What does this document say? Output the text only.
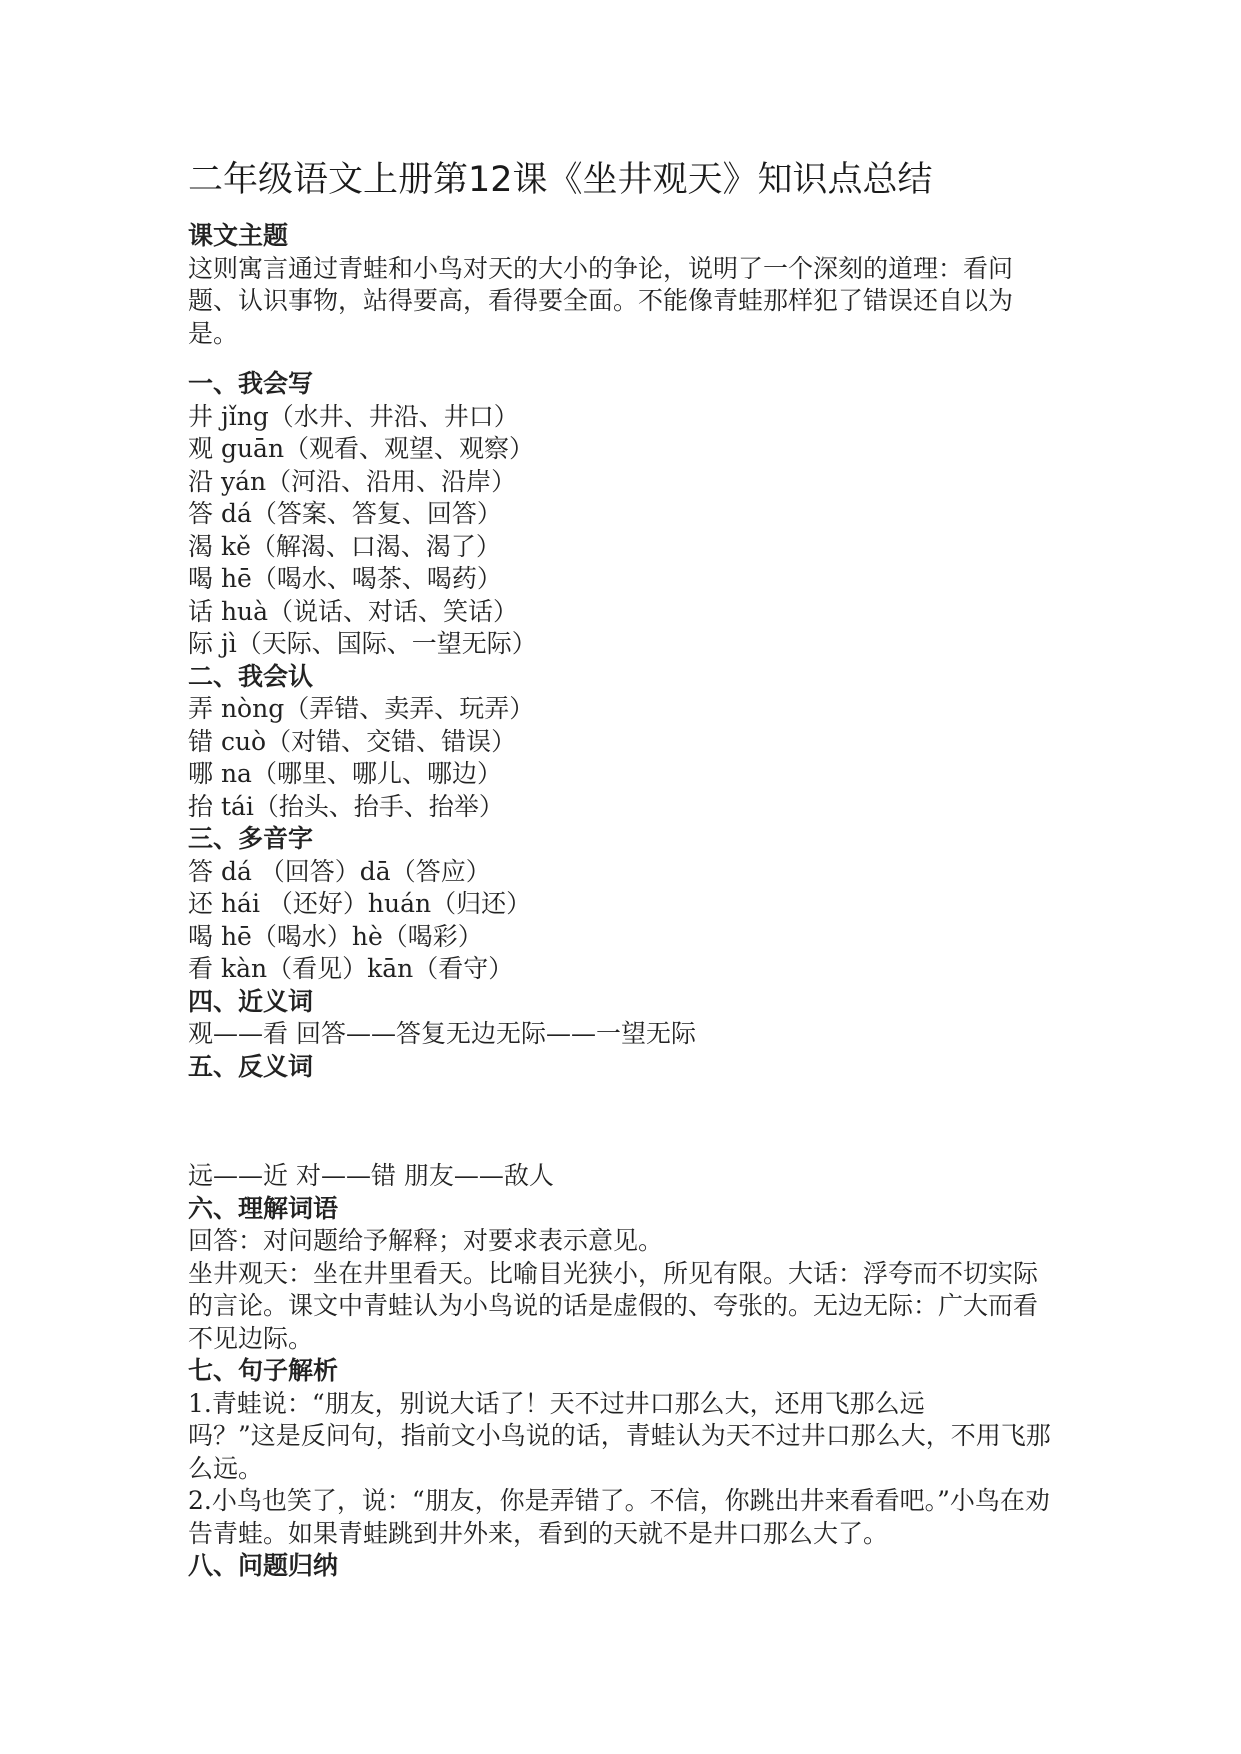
二年级语文上册第12课《坐井观天》知识点总结
课文主题
这则寓言通过青蛙和小鸟对天的大小的争论，说明了一个深刻的道理：看问题、认识事物，站得要高，看得要全面。不能像青蛙那样犯了错误还自以为是。
一、我会写
井 jǐng（水井、井沿、井口）
观 guān（观看、观望、观察）
沿 yán（河沿、沿用、沿岸）
答 dá（答案、答复、回答）
渴 kě（解渴、口渴、渴了）
喝 hē（喝水、喝茶、喝药）
话 huà（说话、对话、笑话）
际 jì（天际、国际、一望无际）
二、我会认
弄 nòng（弄错、卖弄、玩弄）
错 cuò（对错、交错、错误）
哪 na（哪里、哪儿、哪边）
抬 tái（抬头、抬手、抬举）
三、多音字
答 dá （回答）dā（答应）
还 hái （还好）huán（归还）
喝 hē（喝水）hè（喝彩）
看 kàn（看见）kān（看守）
四、近义词
观——看 回答——答复无边无际——一望无际
五、反义词
远——近 对——错 朋友——敌人
六、理解词语
回答：对问题给予解释；对要求表示意见。
坐井观天：坐在井里看天。比喻目光狭小，所见有限。大话：浮夸而不切实际的言论。课文中青蛙认为小鸟说的话是虚假的、夸张的。无边无际：广大而看不见边际。
七、句子解析
1.青蛙说：“朋友，别说大话了！天不过井口那么大，还用飞那么远
吗？”这是反问句，指前文小鸟说的话，青蛙认为天不过井口那么大，不用飞那么远。
2.小鸟也笑了，说：“朋友，你是弄错了。不信，你跳出井来看看吧。”小鸟在劝告青蛙。如果青蛙跳到井外来，看到的天就不是井口那么大了。
八、问题归纳
